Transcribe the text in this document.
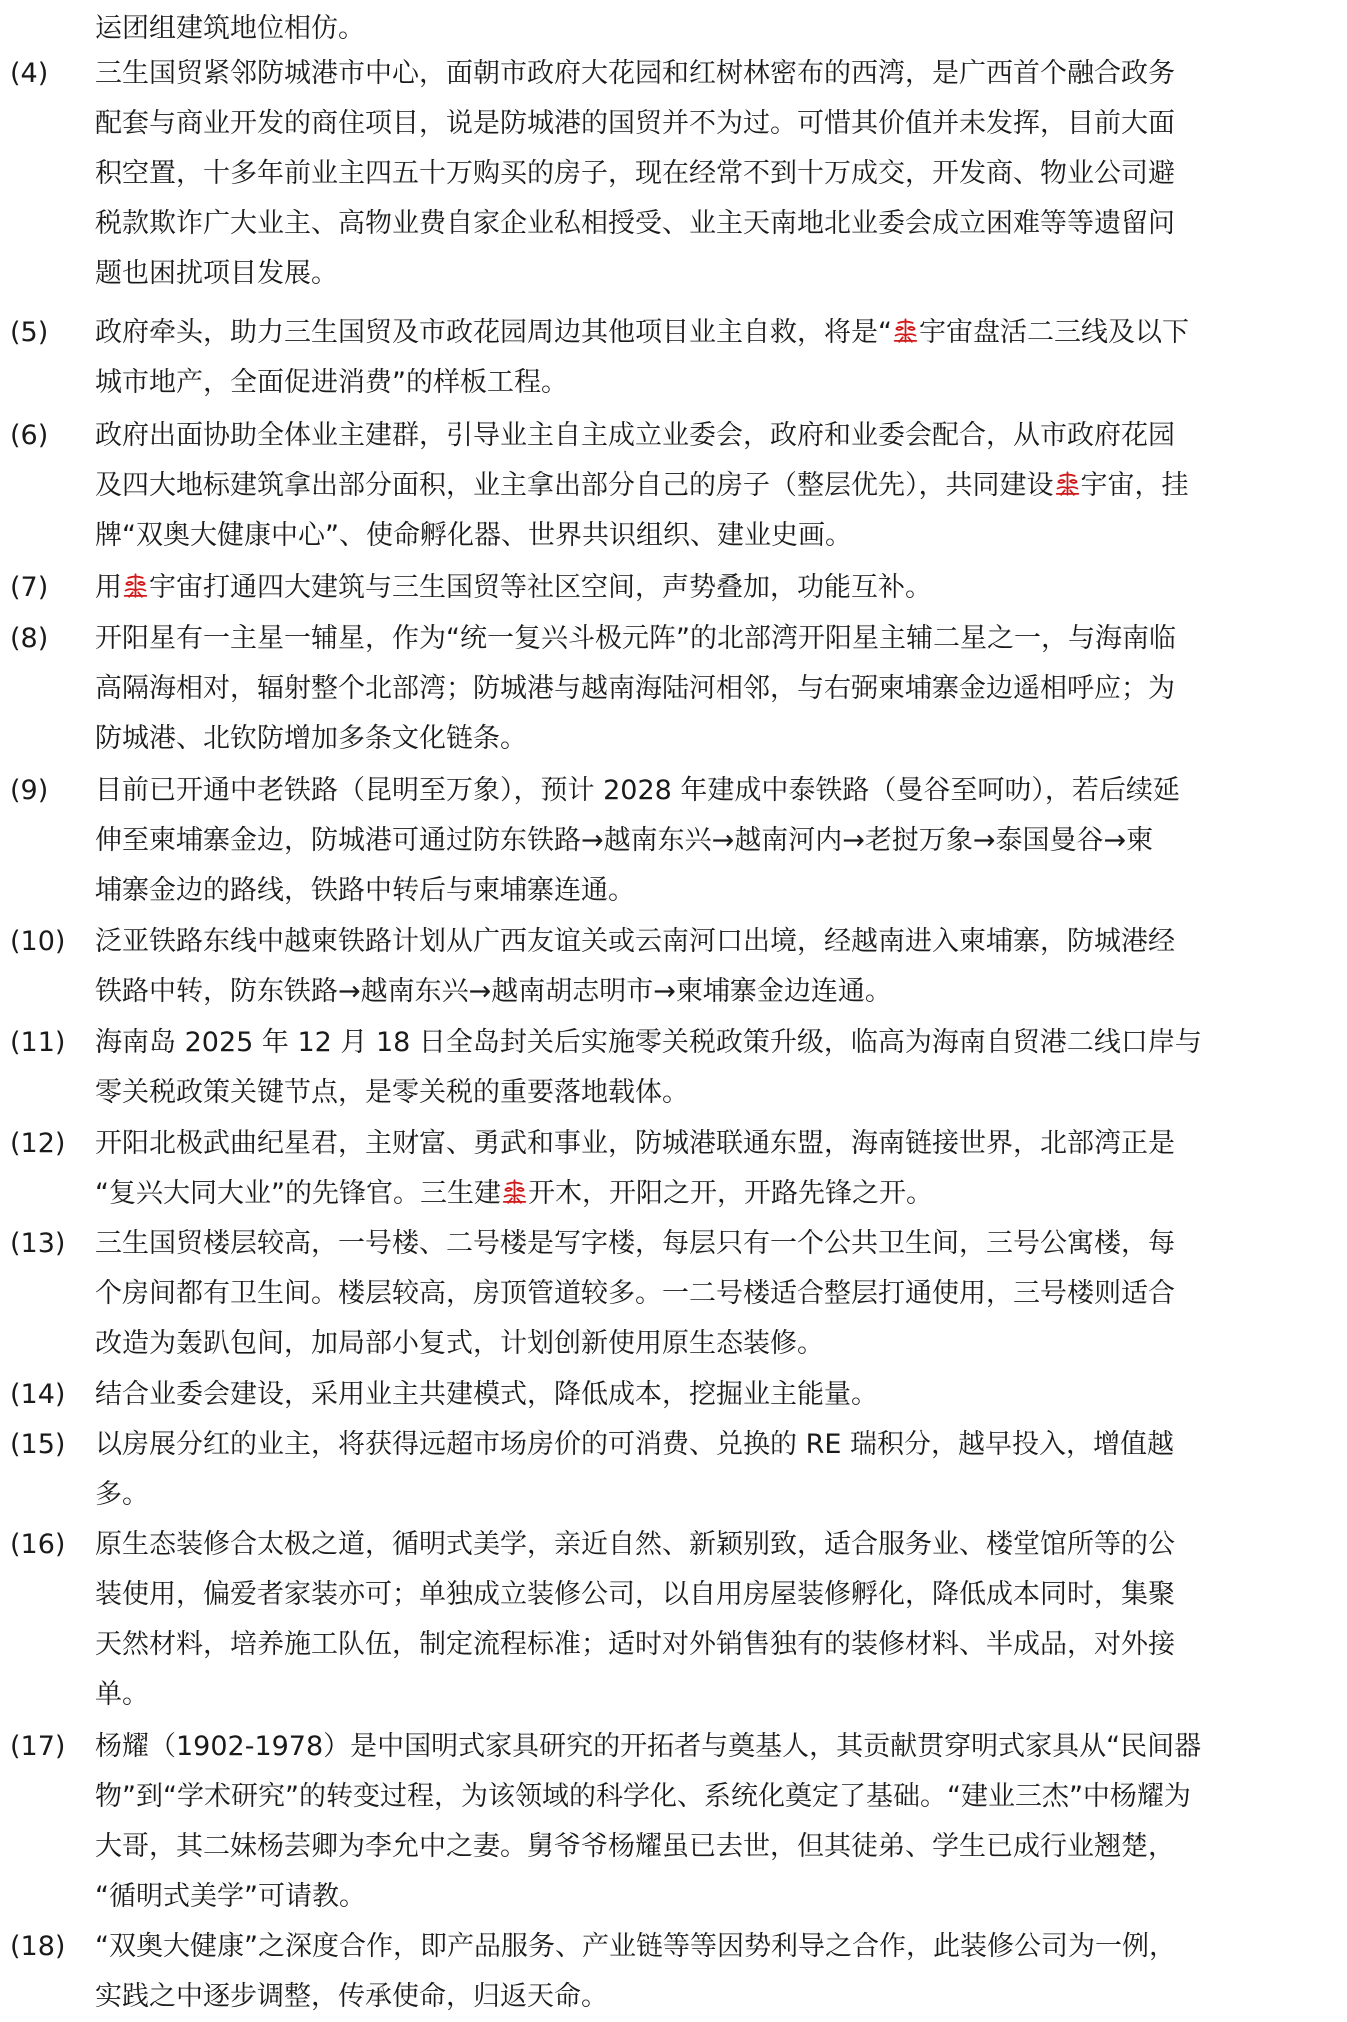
运团组建筑地位相仿。
(4)	三生国贸紧邻防城港市中心，面朝市政府大花园和红树林密布的西湾，是广西首个融合政务
配套与商业开发的商住项目，说是防城港的国贸并不为过。可惜其价值并未发挥，目前大面
积空置，十多年前业主四五十万购买的房子，现在经常不到十万成交，开发商、物业公司避
税款欺诈广大业主、高物业费自家企业私相授受、业主天南地北业委会成立困难等等遗留问
题也困扰项目发展。
(5)	政府牵头，助力三生国贸及市政花园周边其他项目业主自救，将是“ 宇宙盘活二三线及以下
城市地产，全面促进消费”的样板工程。
(6)	政府出面协助全体业主建群，引导业主自主成立业委会，政府和业委会配合，从市政府花园
及四大地标建筑拿出部分面积，业主拿出部分自己的房子（整层优先），共同建设 宇宙，挂
牌“双奥大健康中心”、使命孵化器、世界共识组织、建业史画。
(7)	用 宇宙打通四大建筑与三生国贸等社区空间，声势叠加，功能互补。
(8)	开阳星有一主星一辅星，作为“统一复兴斗极元阵”的北部湾开阳星主辅二星之一，与海南临
高隔海相对，辐射整个北部湾；防城港与越南海陆河相邻，与右弼柬埔寨金边遥相呼应；为
防城港、北钦防增加多条文化链条。
(9)	目前已开通中老铁路（昆明至万象），预计 2028 年建成中泰铁路（曼谷至呵叻），若后续延
伸至柬埔寨金边，防城港可通过防东铁路→越南东兴→越南河内→老挝万象→泰国曼谷→柬
埔寨金边的路线，铁路中转后与柬埔寨连通。
(10)	泛亚铁路东线中越柬铁路计划从广西友谊关或云南河口出境，经越南进入柬埔寨，防城港经
铁路中转，防东铁路→越南东兴→越南胡志明市→柬埔寨金边连通。
(11)	海南岛 2025 年 12 月 18 日全岛封关后实施零关税政策升级，临高为海南自贸港二线口岸与
零关税政策关键节点，是零关税的重要落地载体。
(12)	开阳北极武曲纪星君，主财富、勇武和事业，防城港联通东盟，海南链接世界，北部湾正是
“复兴大同大业”的先锋官。三生建 开木，开阳之开，开路先锋之开。
(13)	三生国贸楼层较高，一号楼、二号楼是写字楼，每层只有一个公共卫生间，三号公寓楼，每
个房间都有卫生间。楼层较高，房顶管道较多。一二号楼适合整层打通使用，三号楼则适合
改造为轰趴包间，加局部小复式，计划创新使用原生态装修。
(14)	结合业委会建设，采用业主共建模式，降低成本，挖掘业主能量。
(15)	以房展分红的业主，将获得远超市场房价的可消费、兑换的 RE 瑞积分，越早投入，增值越
多。
(16)	原生态装修合太极之道，循明式美学，亲近自然、新颖别致，适合服务业、楼堂馆所等的公
装使用，偏爱者家装亦可；单独成立装修公司，以自用房屋装修孵化，降低成本同时，集聚
天然材料，培养施工队伍，制定流程标准；适时对外销售独有的装修材料、半成品，对外接
单。
(17)	杨耀（1902-1978）是中国明式家具研究的开拓者与奠基人，其贡献贯穿明式家具从“民间器
物”到“学术研究”的转变过程，为该领域的科学化、系统化奠定了基础。“建业三杰”中杨耀为
大哥，其二妹杨芸卿为李允中之妻。舅爷爷杨耀虽已去世，但其徒弟、学生已成行业翘楚，
“循明式美学”可请教。
(18)	“双奥大健康”之深度合作，即产品服务、产业链等等因势利导之合作，此装修公司为一例，
实践之中逐步调整，传承使命，归返天命。
